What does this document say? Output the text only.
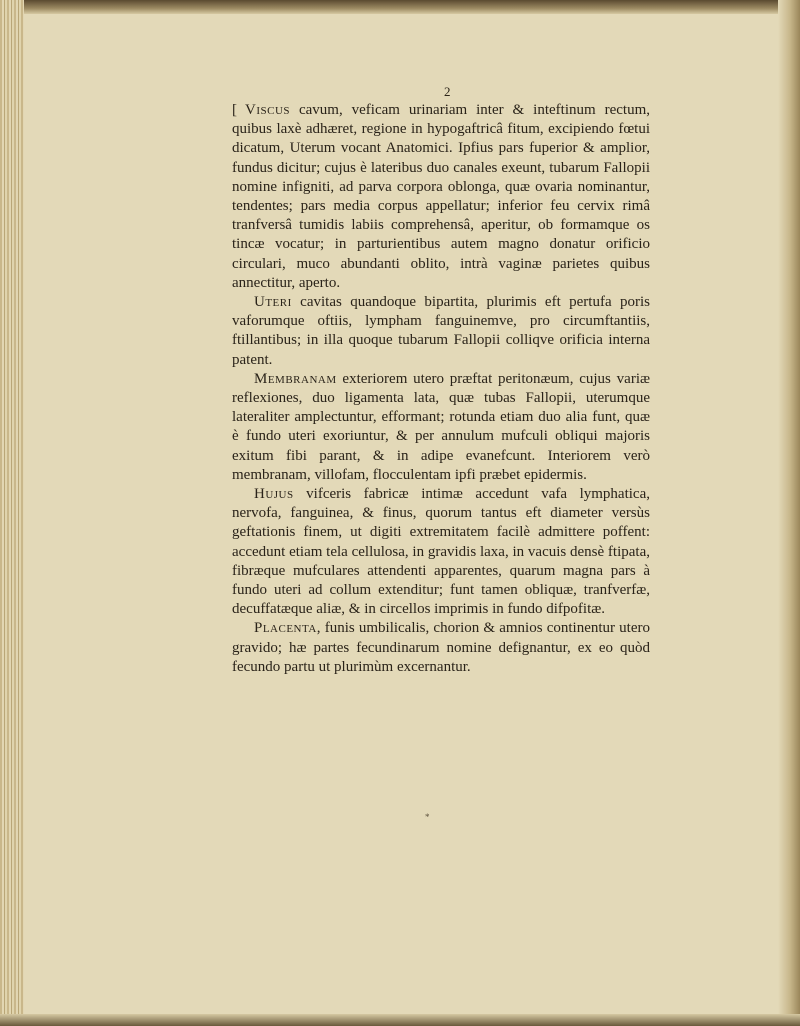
2

[ Viscus cavum, veficam urinariam inter & inteftinum rectum, quibus laxè adhæret, regione in hypogaftricâ fitum, excipiendo fœtui dicatum, Uterum vocant Anatomici. Ipfius pars fuperior & amplior, fundus dicitur; cujus è lateribus duo canales exeunt, tubarum Fallopii nomine infigniti, ad parva corpora oblonga, quæ ovaria nominantur, tendentes; pars media corpus appellatur; inferior feu cervix rimâ tranfversâ tumidis labiis comprehensâ, aperitur, ob formamque os tincæ vocatur; in parturientibus autem magno donatur orificio circulari, muco abundanti oblito, intrà vaginæ parietes quibus annectitur, aperto.

Uteri cavitas quandoque bipartita, plurimis eft pertufa poris vaforumque oftiis, lympham fanguinemve, pro circumftantiis, ftillantibus; in illa quoque tubarum Fallopii colliqve orificia interna patent.

Membranam exteriorem utero præftat peritonæum, cujus variæ reflexiones, duo ligamenta lata, quæ tubas Fallopii, uterumque lateraliter amplectuntur, efformant; rotunda etiam duo alia funt, quæ è fundo uteri exoriuntur, & per annulum mufculi obliqui majoris exitum fibi parant, & in adipe evanefcunt. Interiorem verò membranam, villofam, flocculentam ipfi præbet epidermis.

Hujus vifceris fabricæ intimæ accedunt vafa lymphatica, nervofa, fanguinea, & finus, quorum tantus eft diameter versùs geftationis finem, ut digiti extremitatem facilè admittere poffent: accedunt etiam tela cellulosa, in gravidis laxa, in vacuis densè ftipata, fibræque mufculares attendenti apparentes, quarum magna pars à fundo uteri ad collum extenditur; funt tamen obliquæ, tranfverfæ, decuffatæque aliæ, & in circellos imprimis in fundo difpofitæ.

Placenta, funis umbilicalis, chorion & amnios continentur utero gravido; hæ partes fecundinarum nomine defignantur, ex eo quòd fecundo partu ut plurimùm excernantur.

*
